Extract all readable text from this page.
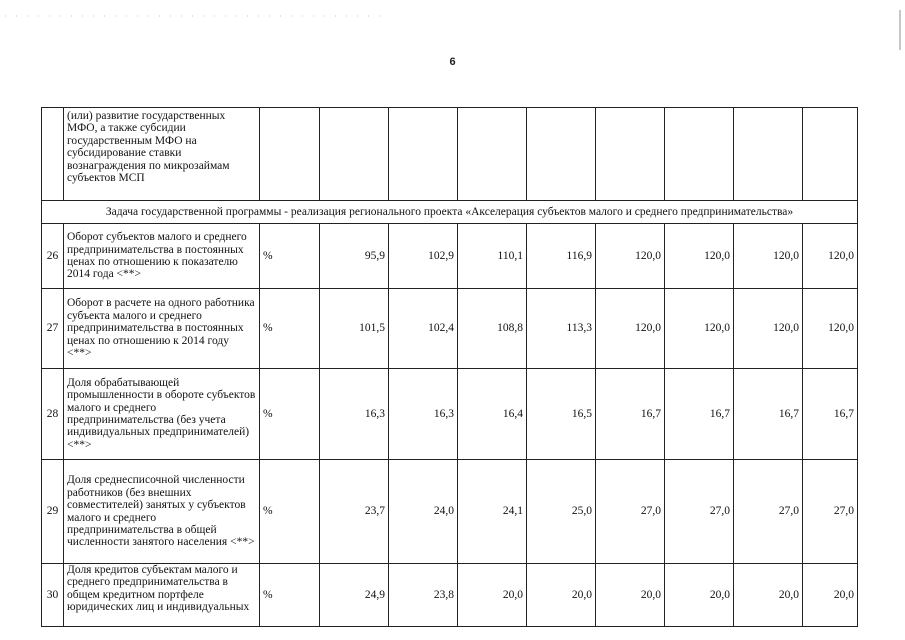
6
	(или) развитие государственных МФО, а также субсидии государственным МФО на субсидирование ставки вознаграждения по микрозаймам субъектов МСП									
Задача государственной программы - реализация регионального проекта «Акселерация субъектов малого и среднего предпринимательства»										
26	Оборот субъектов малого и среднего предпринимательства в постоянных ценах по отношению к показателю 2014 года <**>	%	95,9	102,9	110,1	116,9	120,0	120,0	120,0	120,0
27	Оборот в расчете на одного работника субъекта малого и среднего предпринимательства в постоянных ценах по отношению к 2014 году <**>	%	101,5	102,4	108,8	113,3	120,0	120,0	120,0	120,0
28	Доля обрабатывающей промышленности в обороте субъектов малого и среднего предпринимательства (без учета индивидуальных предпринимателей) <**>	%	16,3	16,3	16,4	16,5	16,7	16,7	16,7	16,7
29	Доля среднесписочной численности работников (без внешних совместителей) занятых у субъектов малого и среднего предпринимательства в общей численности занятого населения <**>	%	23,7	24,0	24,1	25,0	27,0	27,0	27,0	27,0
30	Доля кредитов субъектам малого и среднего предпринимательства в общем кредитном портфеле юридических лиц и индивидуальных	%	24,9	23,8	20,0	20,0	20,0	20,0	20,0	20,0
